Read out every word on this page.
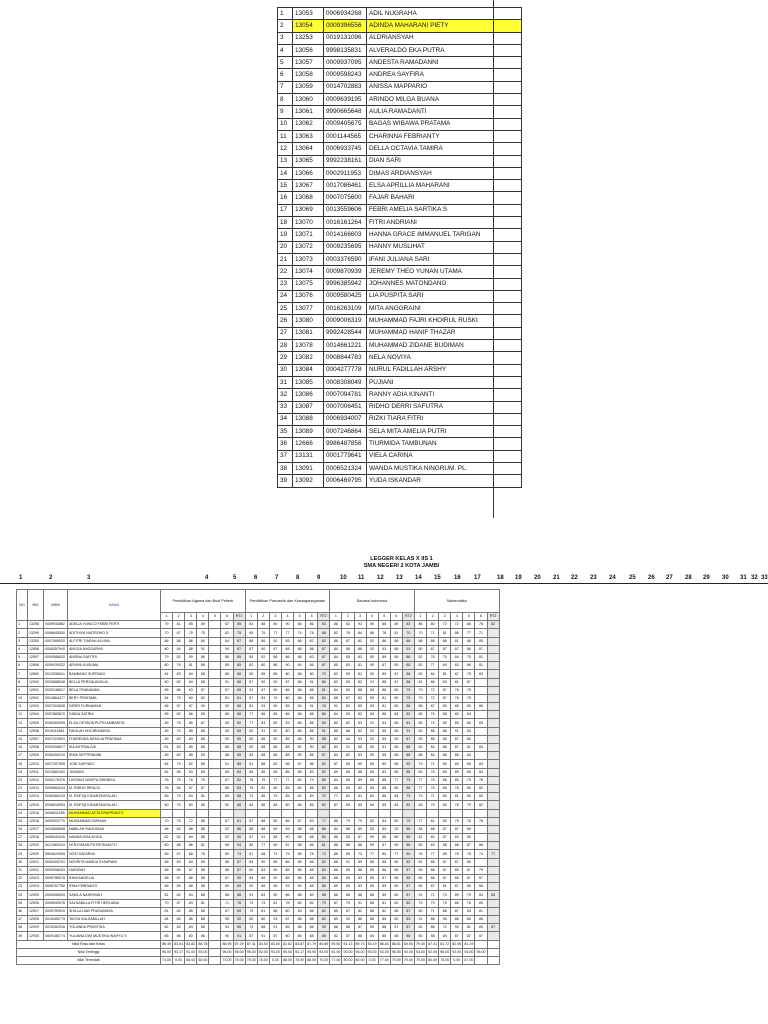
1	13053	0006934268	ADIL NUGRAHA
2	13054	0009396556	ADINDA MAHARANI PIETY
3	13253	0019131096	ALDRIANSYAH
4	13056	9998135831	ALVERALDO EKA PUTRA
5	13057	0009937095	ANDESTA RAMADANNI
6	13058	0009598243	ANDREA SAYFIRA
7	13059	0014702883	ANISSA MAPPARIO
8	13060	0009639195	ARINDO MILGA BUANA
9	13061	9990665648	AULIA RAMADANTI
10	13062	0009405675	BAGAS WIBAWA PRATAMA
11	13063	0001144565	CHARINNA FEBRIANTY
12	13064	0006933745	DELLA OCTAVIA TAMIRA
13	13065	9992238161	DIAN SARI
14	13066	0002911953	DIMAS ARDIANSYAH
15	13067	0017086461	ELSA APRILLIA MAHARANI
16	13068	0007075600	FAJAR BAHARI
17	13069	0013559606	FEBRI AMELIA SARTIKA S
18	13070	0016161264	FITRI ANDRIANI
19	13071	0014166603	HANNA GRACE IMMANUEL TARIGAN
20	13072	0009235695	HANNY MUSLIHAT
21	13073	0003376590	IFANI JULIANA SARI
22	13074	0009870939	JEREMY THEO YUNAN UTAMA
23	13075	9996385942	JOHANNES MATONDANG
24	13076	0009580425	LIA PUSPITA SARI
25	13077	0016263109	MITA ANGGRAINI
26	13080	0009006319	MUHAMMAD FAJRI KHOIRUL RUSKI
27	13081	9992428544	MUHAMMAD HANIF THAZAR
28	13078	0014661221	MUHAMMAD ZIDANE BUDIMAN
29	13082	0008844783	NELA NOVIYA
30	13084	0004277778	NURUL FADILLAH ARSHY
31	13085	0008308049	PUJIANI
32	13086	0007094781	RANNY ADIA KINANTI
33	13087	0007006451	RIDHO DERRI SAFUTRA
34	13088	0006934007	RIZKI TIARA FITRI
35	13089	0007246864	SELA MITA AMELIA PUTRI
36	12666	9986487856	TIURMIDA TAMBUNAN
37	13131	0001779641	VIELA CARINA
38	13091	0006521324	WANDA MUSTIKA NINGRUM. PL.
39	13092	0006469795	YUDA ISKANDAR
LEGGER KELAS X IIS 1
SMA NEGERI 2 KOTA JAMBI
1	2	3	4	5	6	7	8	9	10 11 12 13 14 15 16 17	18 19 20 21 22 23 24 25 26 27 28 29 30 31 32 33
NO	NIS	NISN	NAMA	Pendidikan Agama dan Budi Pekerti							Pendidikan Pancasila dan Kewarganegaraan							Bahasa Indonesia							Matematika						
				1	2	3	4	5	6	RT2	1	2	3	4	5	6	RT2	1	2	3	4	5	6	RT2	1	2	3	4	5	6	RT2
1	13298	0009934882	ADELIA YUNICO FEBRI FERTI	79	81	85	89		87	85	83	88	80	90	86	86	83	88	82	92	89	88	89	83	86	80	72	72	88	76	82
2	13299	0006845530	ADITHIYA NUGROHO S	70	67	75	75		82	75	65	75	77	77	74	78	68	62	78	84	86	78	81	70	70	71	81	86	77	71	
3	13300	0007089520	ALFITRI TIARAH ALVINA	86	88	86	80		84	87	88	86	92	85	86	87	83	86	87	82	92	86	88	88	86	86	88	81	86	85	
4	12896	0008357940	ANGGA ANGGARINI	80	84	88	91		90	87	87	90	87	88	86	88	87	84	86	88	92	93	88	91	80	87	87	87	86	87	
5	12897	0009086620	ANISNA SAFITRI	79	82	90	86		88	85	85	92	86	86	86	83	87	84	85	83	80	89	86	86	82	76	75	84	75	81	
6	12898	0009439322	ARYANI KUSUMA	80	76	81	88		85	85	82	80	86	90	84	86	87	85	83	81	90	87	85	85	82	77	84	83	86	81	
7	12899	0012098641	BAMBANG SUPRIADI	81	83	84	88		86	86	80	85	86	80	86	80	79	83	89	81	90	89	87	88	82	84	81	87	75	83	
8	12900	0003688038	BELLA PERSIA ANGLIA	80	82	84	88		91	86	87	90	92	87	88	91	86	83	83	82	91	88	87	88	81	86	83	81	87		
9	12901	0029136617	BELA TRIANANDA	85	86	83	87		87	89	91	87	90	86	86	88	81	84	80	88	84	86	80	79	79	72	87	76	78		
10	12902	0014864477	BERY PRATAMA	84	75	80	82		81	81	87	83	79	80	86	86	80	88	87	83	89	81	89	79	79	72	87	76	78		
11	12903	0007003838	DESRI FURNAMAH	86	87	87	90		92	86	81	93	90	85	84	91	78	91	82	85	83	81	80	86	86	87	82	85	80	86	
12	12904	0007683670	DINDA SATRIA	85	82	86	85		86	86	77	86	88	86	86	88	86	84	83	82	84	86	84	82	85	75	88	80	84		
13	12905	0006363099	ELSA OKTAVIA PUTRI AMBARITA	85	78	86	87		85	82	77	83	89	83	86	86	89	80	82	83	91	83	86	81	85	74	89	89	86	83	
14	12906	0016111881	FADILAH KHOIRUNNISA	85	79	88	88		85	89	82	91	92	80	86	86	91	86	88	82	93	86	86	91	82	86	86	91	83		
15	12907	0007222691	FHARENDA NATALIA PRATAMA	85	80	84	88		90	90	85	86	90	85	88	90	88	82	84	93	92	89	90	87	90	85	85	87	86		
16	12908	0002008677	IKA ASTRIALIVA	81	83	85	88		86	88	80	88	86	88	80	90	82	83	91	86	85	81	86	86	82	84	86	87	81	84	
17	12909	0006454210	IRMA SEPTRIANINI	85	80	88	89		88	85	83	88	86	88	89	86	87	84	82	83	89	88	88	86	86	84	88	86	84		
18	12910	0027007905	JONI SURYADI	84	79	82	86		91	88	81	88	82	86	87	86	82	87	89	89	89	89	88	80	79	71	80	89	85	84	
19	12911	0013582420	JUWAINI	81	85	83	85		85	84	85	85	85	86	88	83	82	89	85	88	84	83	86	85	80	75	89	89	85	84	
20	12912	0005178376	LINTANG WASPU BHINEKA	76	75	76	70		87	82	75	75	77	77	80	79	86	84	85	89	85	88	77	79	77	75	86	80	79	78	
21	12913	0009664244	M. RIDHO RIFALDI	78	84	87	87		86	83	79	82	80	85	80	88	83	86	84	82	83	88	85	86	77	75	85	78	80	82	
22	12914	0006484219	M. ROFIQI KIDANTAUFALAH	85	79	84	81		85	88	73	86	79	85	82	89	70	77	82	81	82	86	84	79	79	71	80	81	80	80	
23	12915	0006818953	M. ROFIQI KIDANTAUFALAH	80	75	80	85		90	88	84	86	88	80	86	86	82	87	89	89	84	85	84	82	83	79	80	78	79	82	
24	12916	0006811095	MUHAMMAD AFTA ERAPRANTO																												
25	12918	0009203770	MUHAMMAD FARHAN	70	78	72	86		87	81	87	88	80	86	87	83	77	86	79	79	82	84	80	75	77	81	80	75	78	78	
26	12917	0003808898	NABILAH RAGHIDAH	86	84	88	88		92	86	88	88	89	89	88	88	86	84	86	89	83	89	93	86	84	88	87	87	89		
27	12918	0006443416	NANDA NISA AYIDA	82	82	84	88		92	90	87	91	88	90	88	88	80	86	83	87	90	86	86	85	81	80	87	83	85		
28	12919	0012969319	NI NYOMAN PUTRI BHAKTU	80	88	86	81		98	94	85	77	90	87	88	86	81	88	86	86	89	87	90	86	80	83	86	86	87	86	
29	12920	9994824908	NOZI SAFARVA	69	67	68	75		80	74	67	68	73	75	85	78	73	86	85	73	77	80	77	80	76	77	85	76	78	74	77
30	12921	0006453791	NOVRITA NANDA SYAHRANI	85	83	84	89		86	87	84	90	88	86	85	86	82	88	91	89	86	88	85	82	81	85	87	87	86		
31	12922	0009358253	NURIZAH	85	85	87	88		88	87	82	83	90	85	86	88	84	86	89	88	89	86	86	87	90	88	87	80	87	79	
32	12923	0009788378	RANI ANGELIA	88	87	86	88		87	90	83	89	92	85	86	88	85	88	83	83	85	87	88	85	85	88	87	85	87	87	
33	12924	0006767782	RINA FEBRIANTI	86	89	88	88		89	89	92	89	95	93	90	88	86	89	83	83	89	89	89	87	85	87	81	87	86	86	
34	12925	0005498925	SADILA NASRIVIAH	81	82	84	88		88	88	91	83	90	86	86	89	88	88	88	86	88	89	89	87	91	71	73	89	79	84	83
35	12926	0005940978	SALSABILLA FITRI HERLIANA	70	87	83	81		71	76	74	73	81	78	80	82	79	87	75	91	86	81	83	82	79	73	79	85	76	80	
36	12927	0005759910	SHILLA IJAB PRASANNSA	81	82	85	86		87	89	79	81	88	80	83	86	82	85	87	82	88	82	86	87	80	71	88	87	83	81	
37	12928	0015406770	TASYA SALSABILLAH	84	85	86	88		95	92	80	80	93	87	86	88	82	89	92	88	88	89	80	83	91	88	96	86	86	86	
38	12929	0013282916	YOLANDA PRASTIKA	82	83	84	86		94	86	74	88	91	85	86	86	90	88	88	87	89	88	87	87	82	86	72	90	81	80	87
39	12930	0009186774	YULIANA DWI MUSTIKA WAHYU S	86	86	80	86		90	91	87	91	87	80	86	88	86	82	87	88	84	88	88	85	80	88	84	87	87	87	
Nilai Rata-rata Kelas				86.49	83.61	83.82	86.78		86.95	87.29	87.41	84.54	83.50	82.82	83.87	87.79	80.89	90.50	91.13	89.73	83.19	86.84	86.51	83.54	79.40	87.41	81.72	82.95	81.19		
Nilai Tertinggi				96.00	93.17	91.00	93.00		96.00	95.00	95.00	92.00	93.00	95.00	93.17	95.00	93.00	92.00	93.00	96.00	93.00	93.00	96.00	93.00	93.00	92.00	96.00	92.00	93.00	95.00	
Nilai Terendah				73.00	0.00	65.00	60.00		73.00	75.00	75.00	78.00	0.00	68.00	78.00	68.00	70.00	77.00	80.00	80.00	0.00	77.00	70.00	70.00	75.00	80.00	75.00	0.00	67.00		
